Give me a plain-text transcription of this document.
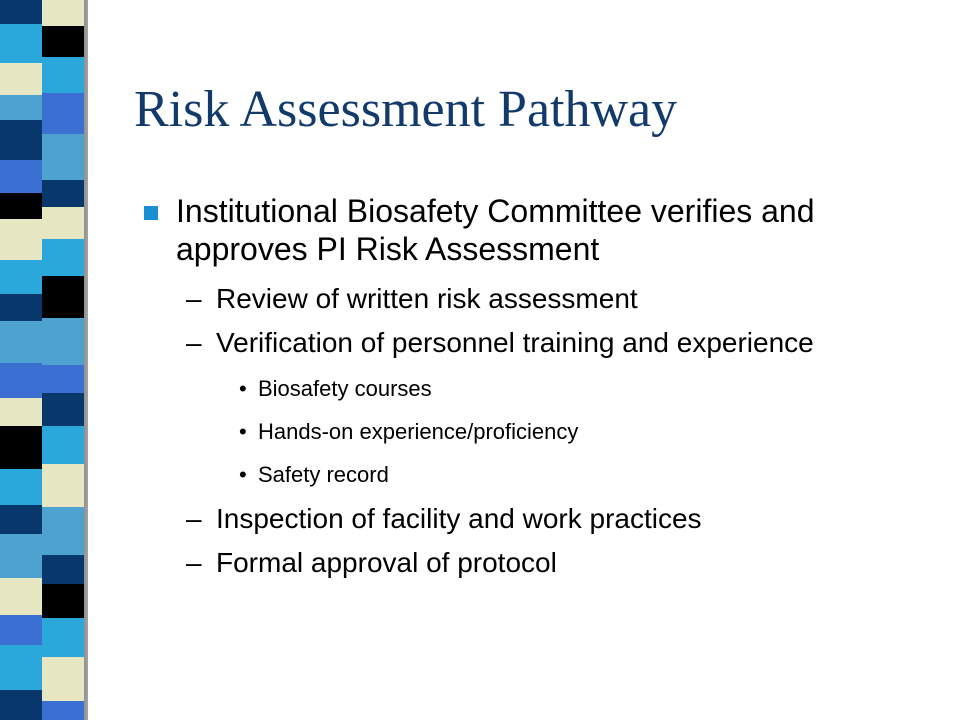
Risk Assessment Pathway
Institutional Biosafety Committee verifies and approves PI Risk Assessment
– Review of written risk assessment
– Verification of personnel training and experience
• Biosafety courses
• Hands-on experience/proficiency
• Safety record
– Inspection of facility and work practices
– Formal approval of protocol
